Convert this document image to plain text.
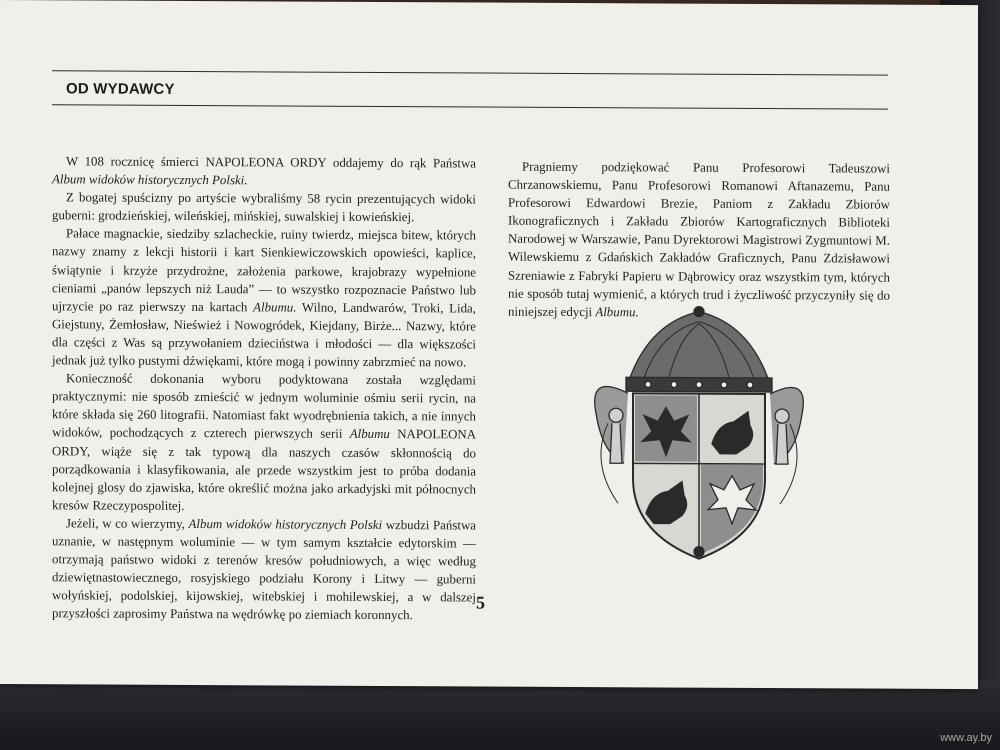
OD WYDAWCY

W 108 rocznicę śmierci NAPOLEONA ORDY oddajemy do rąk Państwa Album widoków historycznych Polski.

Z bogatej spuścizny po artyście wybraliśmy 58 rycin prezentujących widoki guberni: grodzieńskiej, wileńskiej, mińskiej, suwalskiej i kowieńskiej.

Pałace magnackie, siedziby szlacheckie, ruiny twierdz, miejsca bitew, których nazwy znamy z lekcji historii i kart Sienkiewiczowskich opowieści, kaplice, świątynie i krzyże przydrożne, założenia parkowe, krajobrazy wypełnione cieniami „panów lepszych niż Lauda” — to wszystko rozpoznacie Państwo lub ujrzycie po raz pierwszy na kartach Albumu. Wilno, Landwarów, Troki, Lida, Giejstuny, Żemłosław, Nieśwież i Nowogródek, Kiejdany, Birże... Nazwy, które dla części z Was są przywołaniem dzieciństwa i młodości — dla większości jednak już tylko pustymi dźwiękami, które mogą i powinny zabrzmieć na nowo.

Konieczność dokonania wyboru podyktowana została względami praktycznymi: nie sposób zmieścić w jednym woluminie ośmiu serii rycin, na które składa się 260 litografii. Natomiast fakt wyodrębnienia takich, a nie innych widoków, pochodzących z czterech pierwszych serii Albumu NAPOLEONA ORDY, wiąże się z tak typową dla naszych czasów skłonnością do porządkowania i klasyfikowania, ale przede wszystkim jest to próba dodania kolejnej glosy do zjawiska, które określić można jako arkadyjski mit północnych kresów Rzeczypospolitej.

Jeżeli, w co wierzymy, Album widoków historycznych Polski wzbudzi Państwa uznanie, w następnym woluminie — w tym samym kształcie edytorskim — otrzymają państwo widoki z terenów kresów południowych, a więc według dziewiętnastowiecznego, rosyjskiego podziału Korony i Litwy — guberni wołyńskiej, podolskiej, kijowskiej, witebskiej i mohilewskiej, a w dalszej przyszłości zaprosimy Państwa na wędrówkę po ziemiach koronnych.

Pragniemy podziękować Panu Profesorowi Tadeuszowi Chrzanowskiemu, Panu Profesorowi Romanowi Aftanazemu, Panu Profesorowi Edwardowi Brezie, Paniom z Zakładu Zbiorów Ikonograficznych i Zakładu Zbiorów Kartograficznych Biblioteki Narodowej w Warszawie, Panu Dyrektorowi Magistrowi Zygmuntowi M. Wilewskiemu z Gdańskich Zakładów Graficznych, Panu Zdzisławowi Szreniawie z Fabryki Papieru w Dąbrowicy oraz wszystkim tym, których nie sposób tutaj wymienić, a których trud i życzliwość przyczyniły się do niniejszej edycji Albumu.

5

www.ay.by
